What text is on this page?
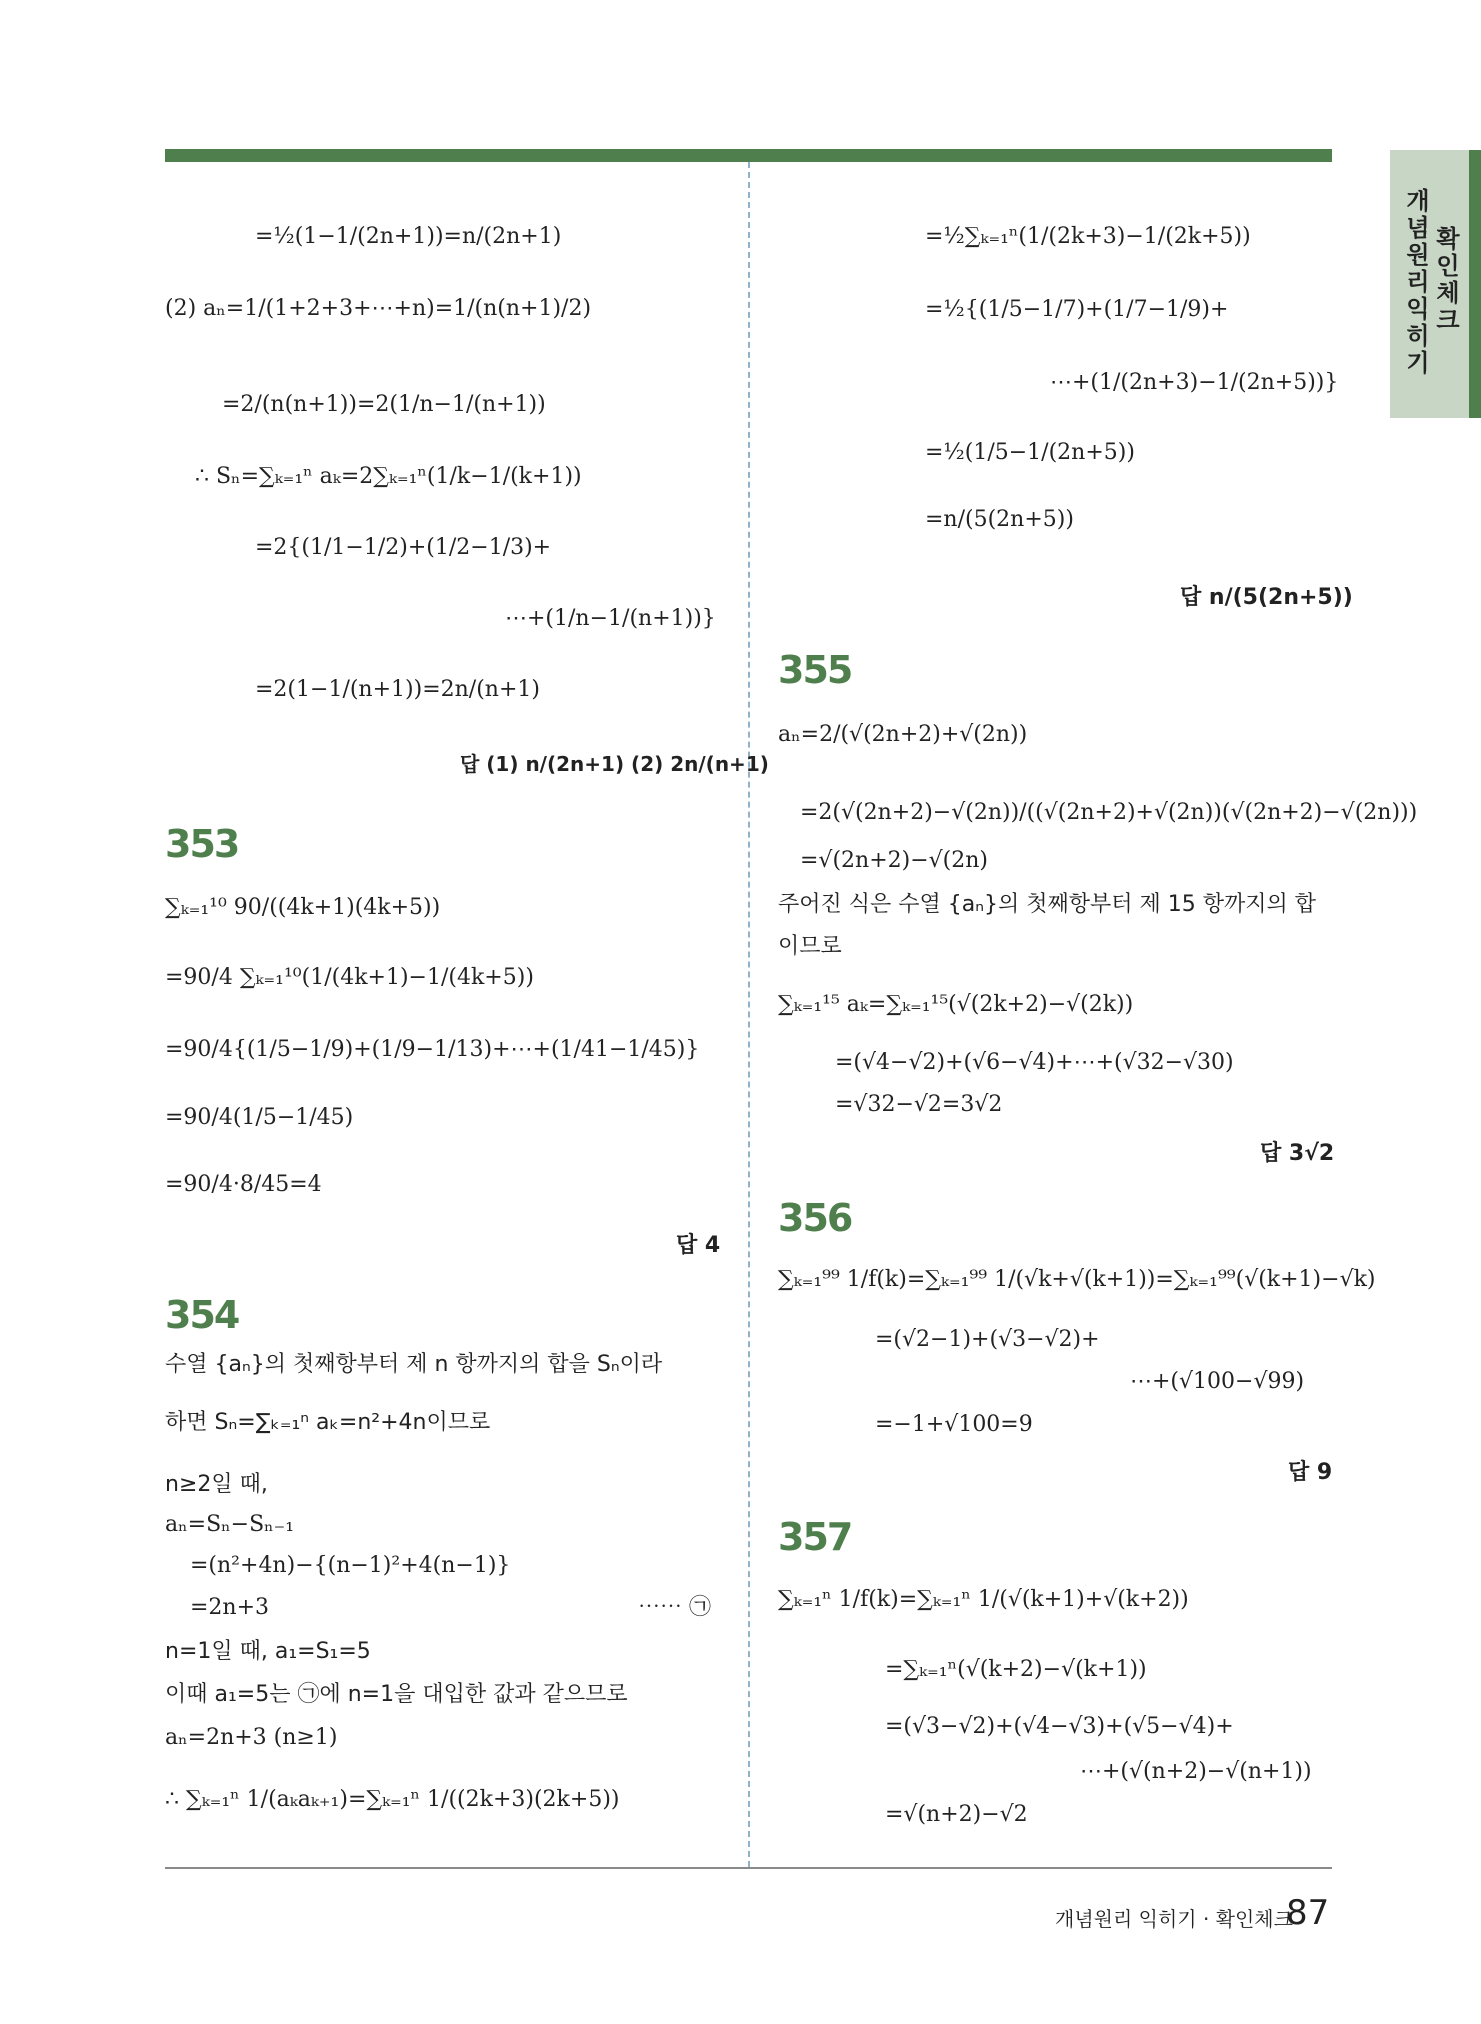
개념원리 익히기
확인체크
=½(1−1/(2n+1))=n/(2n+1)
(2) aₙ=1/(1+2+3+⋯+n)=1/(n(n+1)/2)
=2/(n(n+1))=2(1/n−1/(n+1))
∴ Sₙ=∑ₖ₌₁ⁿ aₖ=2∑ₖ₌₁ⁿ(1/k−1/(k+1))
=2{(1/1−1/2)+(1/2−1/3)+
⋯+(1/n−1/(n+1))}
=2(1−1/(n+1))=2n/(n+1)
답 (1) n/(2n+1) (2) 2n/(n+1)
353
∑ₖ₌₁¹⁰ 90/((4k+1)(4k+5))
=90/4 ∑ₖ₌₁¹⁰(1/(4k+1)−1/(4k+5))
=90/4{(1/5−1/9)+(1/9−1/13)+⋯+(1/41−1/45)}
=90/4(1/5−1/45)
=90/4·8/45=4
답 4
354
수열 {aₙ}의 첫째항부터 제 n 항까지의 합을 Sₙ이라
하면 Sₙ=∑ₖ₌₁ⁿ aₖ=n²+4n이므로
n≥2일 때,
aₙ=Sₙ−Sₙ₋₁
=(n²+4n)−{(n−1)²+4(n−1)}
=2n+3	⋯⋯ ㉠
n=1일 때, a₁=S₁=5
이때 a₁=5는 ㉠에 n=1을 대입한 값과 같으므로
aₙ=2n+3 (n≥1)
∴ ∑ₖ₌₁ⁿ 1/(aₖaₖ₊₁)=∑ₖ₌₁ⁿ 1/((2k+3)(2k+5))
=½∑ₖ₌₁ⁿ(1/(2k+3)−1/(2k+5))
=½{(1/5−1/7)+(1/7−1/9)+
⋯+(1/(2n+3)−1/(2n+5))}
=½(1/5−1/(2n+5))
=n/(5(2n+5))
답 n/(5(2n+5))
355
aₙ=2/(√(2n+2)+√(2n))
=2(√(2n+2)−√(2n))/((√(2n+2)+√(2n))(√(2n+2)−√(2n)))
=√(2n+2)−√(2n)
주어진 식은 수열 {aₙ}의 첫째항부터 제 15 항까지의 합
이므로
∑ₖ₌₁¹⁵ aₖ=∑ₖ₌₁¹⁵(√(2k+2)−√(2k))
=(√4−√2)+(√6−√4)+⋯+(√32−√30)
=√32−√2=3√2
답 3√2
356
∑ₖ₌₁⁹⁹ 1/f(k)=∑ₖ₌₁⁹⁹ 1/(√k+√(k+1))=∑ₖ₌₁⁹⁹(√(k+1)−√k)
=(√2−1)+(√3−√2)+
⋯+(√100−√99)
=−1+√100=9
답 9
357
∑ₖ₌₁ⁿ 1/f(k)=∑ₖ₌₁ⁿ 1/(√(k+1)+√(k+2))
=∑ₖ₌₁ⁿ(√(k+2)−√(k+1))
=(√3−√2)+(√4−√3)+(√5−√4)+
⋯+(√(n+2)−√(n+1))
=√(n+2)−√2
개념원리 익히기 · 확인체크
87
